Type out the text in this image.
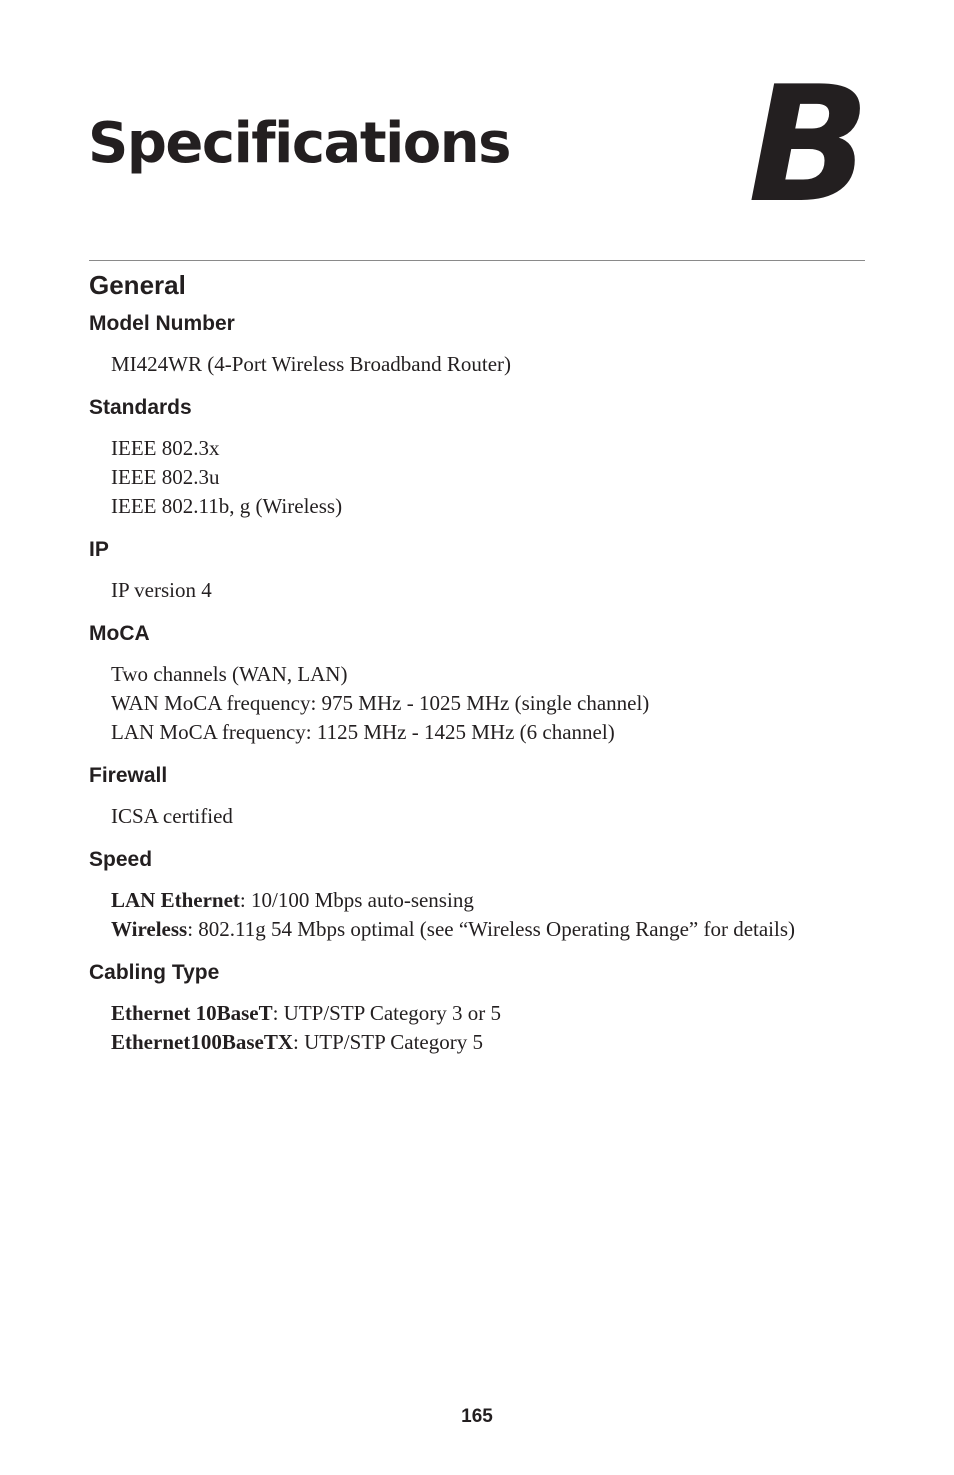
Specifications B
General
Model Number
MI424WR (4-Port Wireless Broadband Router)
Standards
IEEE 802.3x
IEEE 802.3u
IEEE 802.11b, g (Wireless)
IP
IP version 4
MoCA
Two channels (WAN, LAN)
WAN MoCA frequency: 975 MHz - 1025 MHz (single channel)
LAN MoCA frequency: 1125 MHz - 1425 MHz (6 channel)
Firewall
ICSA certified
Speed
LAN Ethernet: 10/100 Mbps auto-sensing
Wireless: 802.11g 54 Mbps optimal (see “Wireless Operating Range” for details)
Cabling Type
Ethernet 10BaseT: UTP/STP Category 3 or 5
Ethernet100BaseTX: UTP/STP Category 5
165
